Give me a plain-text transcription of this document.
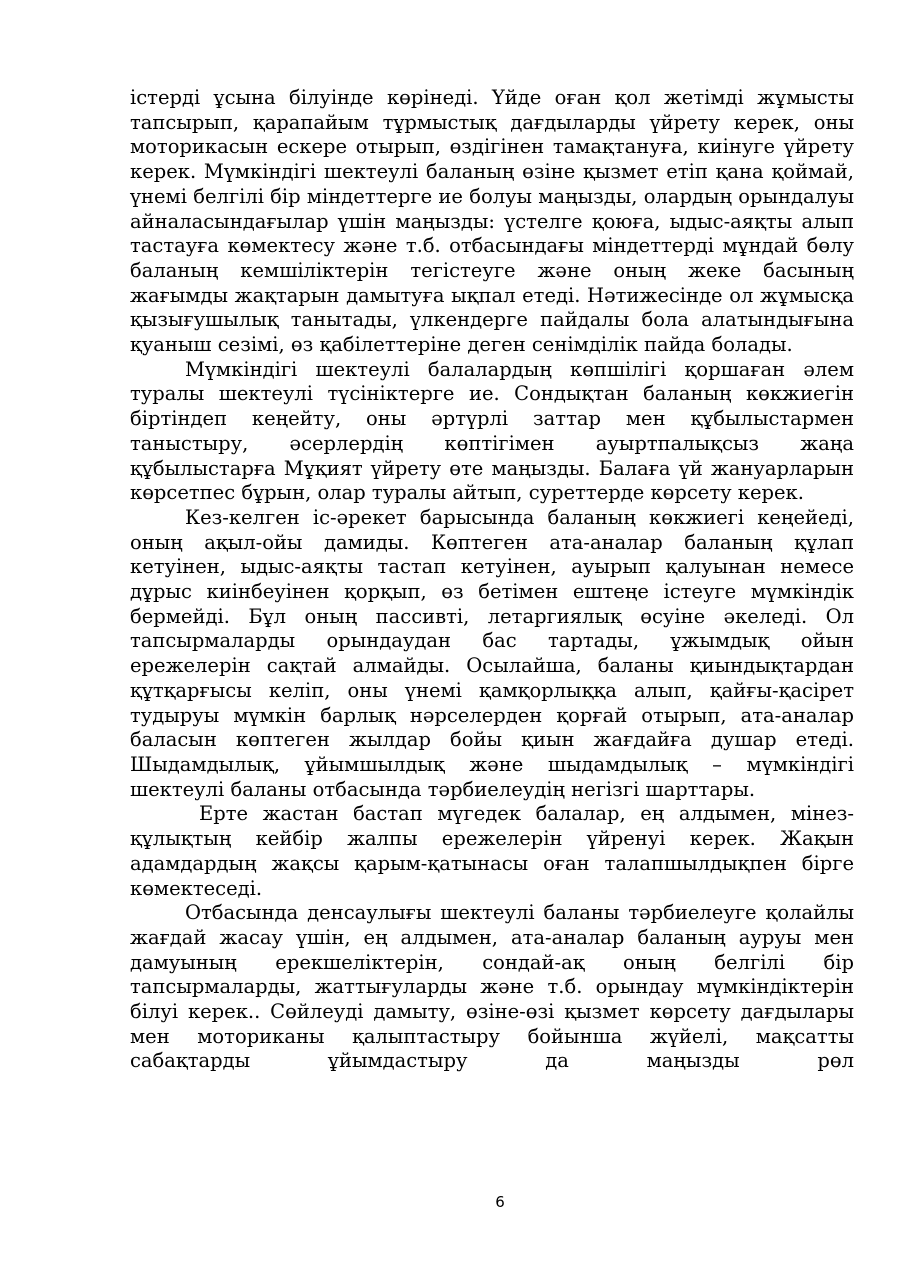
істерді ұсына білуінде көрінеді. Үйде оған қол жетімді жұмысты тапсырып, қарапайым тұрмыстық дағдыларды үйрету керек, оны моторикасын ескере отырып, өздігінен тамақтануға, киінуге үйрету керек. Мүмкіндігі шектеулі баланың өзіне қызмет етіп қана қоймай, үнемі белгілі бір міндеттерге ие болуы маңызды, олардың орындалуы айналасындағылар үшін маңызды: үстелге қоюға, ыдыс-аяқты алып тастауға көмектесу және т.б. отбасындағы міндеттерді мұндай бөлу баланың кемшіліктерін тегістеуге және оның жеке басының жағымды жақтарын дамытуға ықпал етеді. Нәтижесінде ол жұмысқа қызығушылық танытады, үлкендерге пайдалы бола алатындығына қуаныш сезімі, өз қабілеттеріне деген сенімділік пайда болады.

Мүмкіндігі шектеулі балалардың көпшілігі қоршаған әлем туралы шектеулі түсініктерге ие. Сондықтан баланың көкжиегін біртіндеп кеңейту, оны әртүрлі заттар мен құбылыстармен таныстыру, әсерлердің көптігімен ауыртпалықсыз жаңа құбылыстарға Мұқият үйрету өте маңызды. Балаға үй жануарларын көрсетпес бұрын, олар туралы айтып, суреттерде көрсету керек.

Кез-келген іс-әрекет барысында баланың көкжиегі кеңейеді, оның ақыл-ойы дамиды. Көптеген ата-аналар баланың құлап кетуінен, ыдыс-аяқты тастап кетуінен, ауырып қалуынан немесе дұрыс киінбеуінен қорқып, өз бетімен ештеңе істеуге мүмкіндік бермейді. Бұл оның пассивті, летаргиялық өсуіне әкеледі. Ол тапсырмаларды орындаудан бас тартады, ұжымдық ойын ережелерін сақтай алмайды. Осылайша, баланы қиындықтардан құтқарғысы келіп, оны үнемі қамқорлыққа алып, қайғы-қасірет тудыруы мүмкін барлық нәрселерден қорғай отырып, ата-аналар баласын көптеген жылдар бойы қиын жағдайға душар етеді. Шыдамдылық, ұйымшылдық және шыдамдылық – мүмкіндігі шектеулі баланы отбасында тәрбиелеудің негізгі шарттары.

Ерте жастан бастап мүгедек балалар, ең алдымен, мінез-құлықтың кейбір жалпы ережелерін үйренуі керек. Жақын адамдардың жақсы қарым-қатынасы оған талапшылдықпен бірге көмектеседі.

Отбасында денсаулығы шектеулі баланы тәрбиелеуге қолайлы жағдай жасау үшін, ең алдымен, ата-аналар баланың ауруы мен дамуының ерекшеліктерін, сондай-ақ оның белгілі бір тапсырмаларды, жаттығуларды және т.б. орындау мүмкіндіктерін білуі керек.. Сөйлеуді дамыту, өзіне-өзі қызмет көрсету дағдылары мен моториканы қалыптастыру бойынша жүйелі, мақсатты сабақтарды ұйымдастыру да маңызды рөл

6
